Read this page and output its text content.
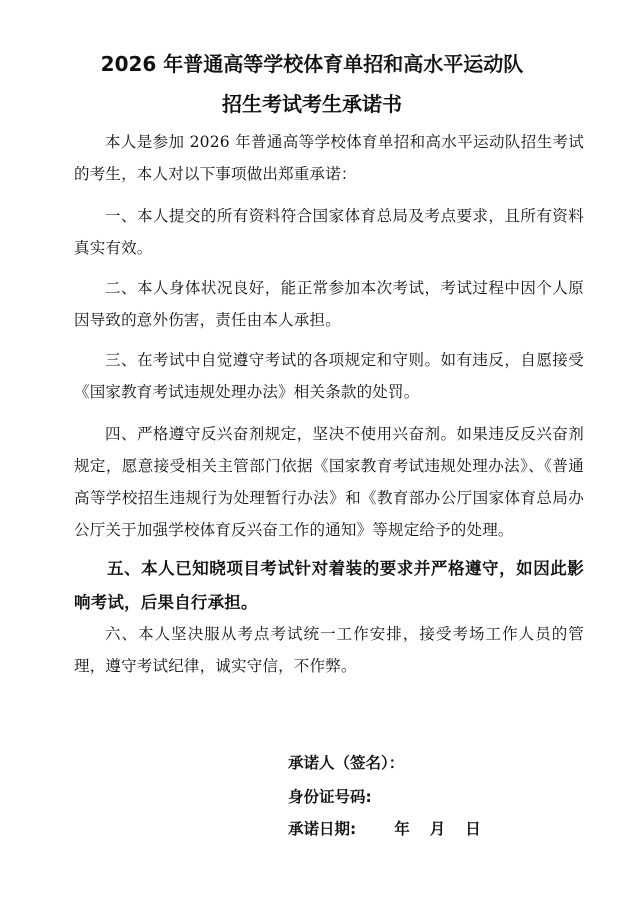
2026 年普通高等学校体育单招和高水平运动队
招生考试考生承诺书

本人是参加 2026 年普通高等学校体育单招和高水平运动队招生考试的考生，本人对以下事项做出郑重承诺：

一、本人提交的所有资料符合国家体育总局及考点要求，且所有资料真实有效。

二、本人身体状况良好，能正常参加本次考试，考试过程中因个人原因导致的意外伤害，责任由本人承担。

三、在考试中自觉遵守考试的各项规定和守则。如有违反，自愿接受《国家教育考试违规处理办法》相关条款的处罚。

四、严格遵守反兴奋剂规定，坚决不使用兴奋剂。如果违反反兴奋剂规定，愿意接受相关主管部门依据《国家教育考试违规处理办法》、《普通高等学校招生违规行为处理暂行办法》和《教育部办公厅国家体育总局办公厅关于加强学校体育反兴奋工作的通知》等规定给予的处理。

五、本人已知晓项目考试针对着装的要求并严格遵守，如因此影响考试，后果自行承担。

六、本人坚决服从考点考试统一工作安排，接受考场工作人员的管理，遵守考试纪律，诚实守信，不作弊。

承诺人（签名）：
身份证号码:
承诺日期: 年 月 日
